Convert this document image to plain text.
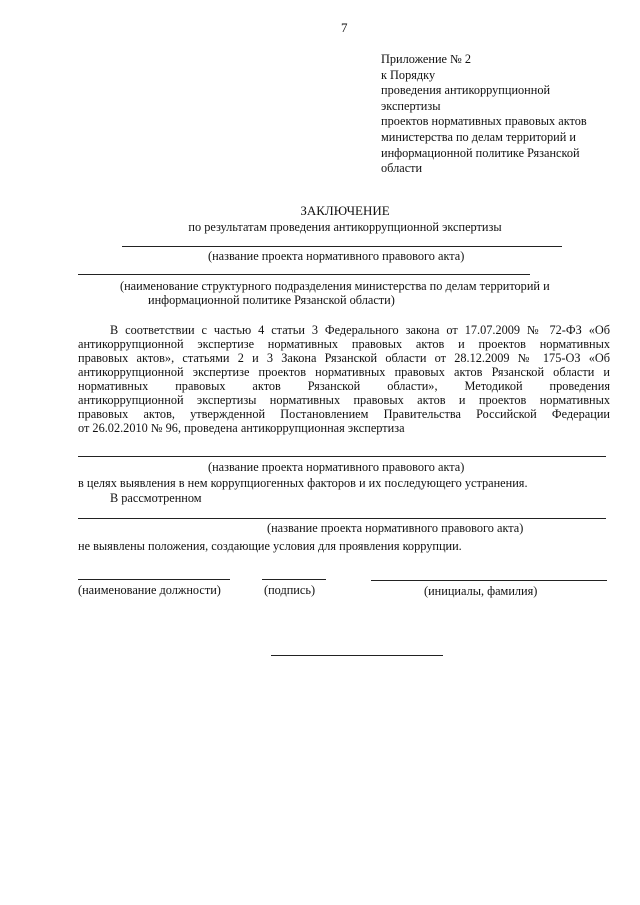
7
Приложение № 2
к Порядку
проведения антикоррупционной
экспертизы
проектов нормативных правовых актов
министерства по делам территорий и
информационной политике Рязанской
области
ЗАКЛЮЧЕНИЕ
по результатам проведения антикоррупционной экспертизы
(название проекта нормативного правового акта)
(наименование структурного подразделения министерства по делам территорий и
информационной политике Рязанской области)
В соответствии с частью 4 статьи 3 Федерального закона от 17.07.2009 № 72-ФЗ «Об
антикоррупционной экспертизе нормативных правовых актов и проектов нормативных
правовых актов», статьями 2 и 3 Закона Рязанской области от 28.12.2009 № 175-ОЗ «Об
антикоррупционной экспертизе проектов нормативных правовых актов Рязанской области и
нормативных правовых актов Рязанской области», Методикой проведения
антикоррупционной экспертизы нормативных правовых актов и проектов нормативных
правовых актов, утвержденной Постановлением Правительства Российской Федерации
от 26.02.2010 № 96, проведена антикоррупционная экспертиза
(название проекта нормативного правового акта)
в целях выявления в нем коррупциогенных факторов и их последующего устранения.
В рассмотренном
(название проекта нормативного правового акта)
не выявлены положения, создающие условия для проявления коррупции.
(наименование должности)	(подпись)	(инициалы, фамилия)
